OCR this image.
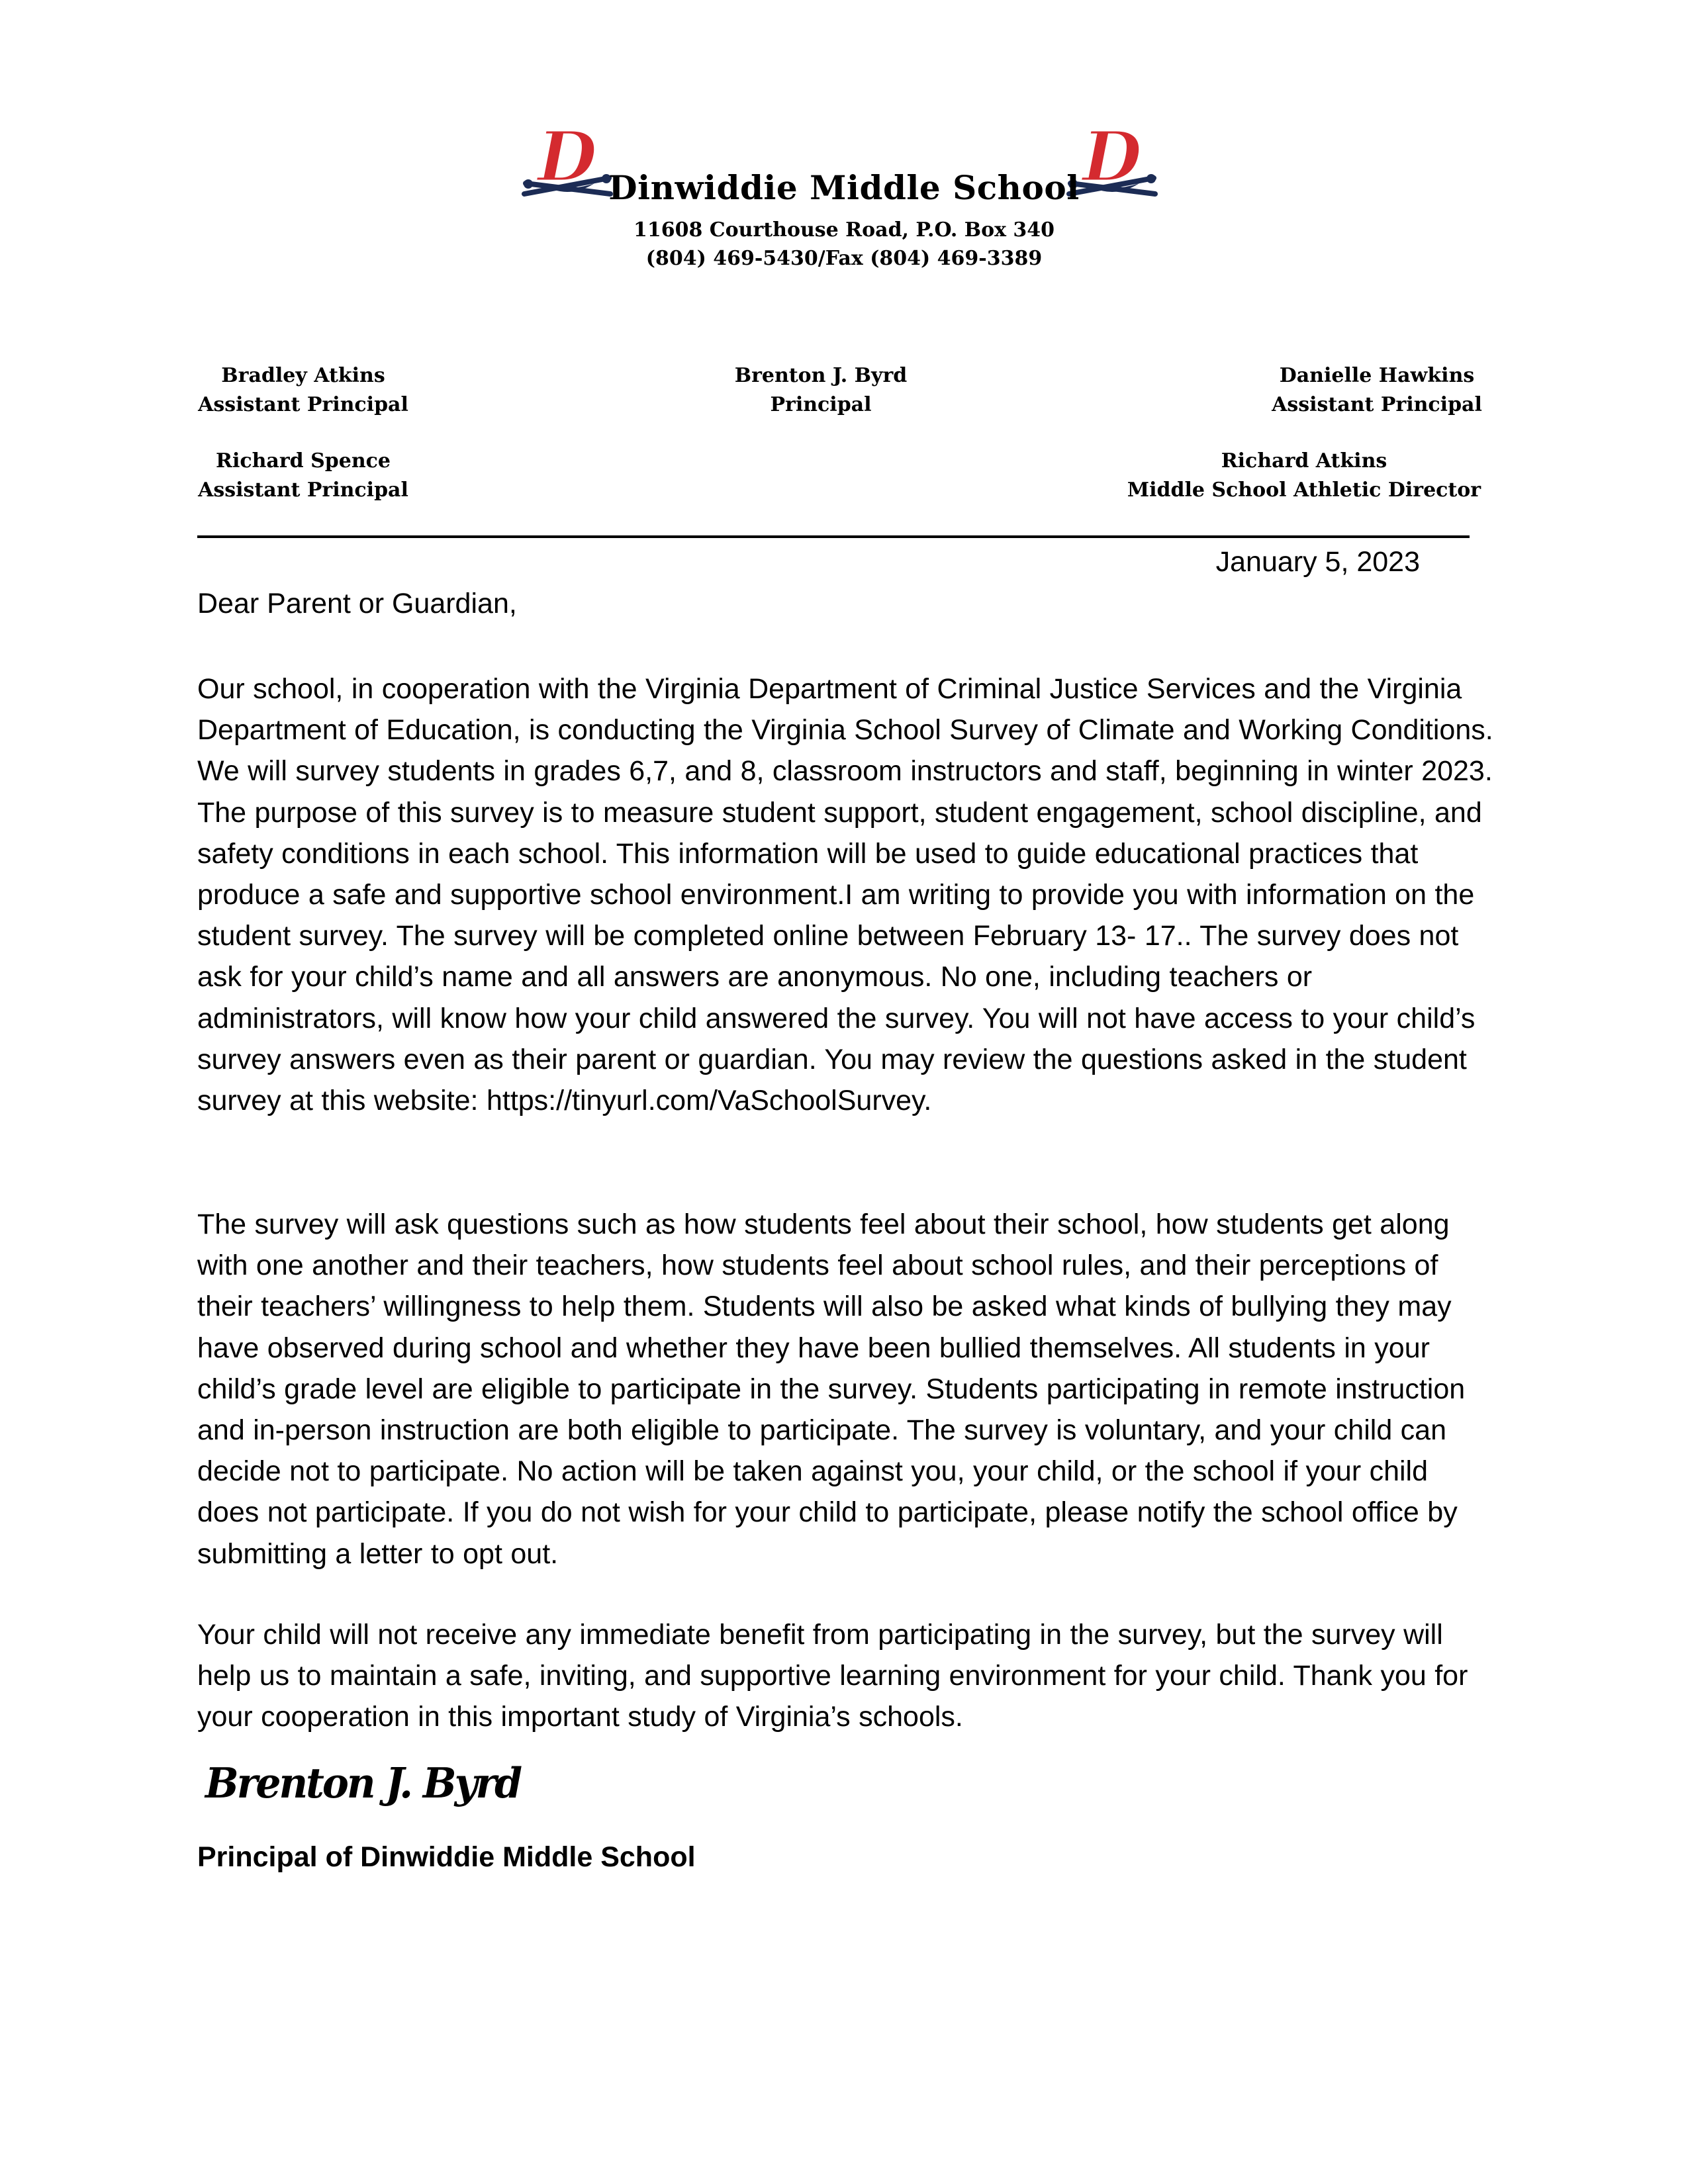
D	D
Dinwiddie Middle School
11608 Courthouse Road, P.O. Box 340
(804) 469-5430/Fax (804) 469-3389
Bradley Atkins
Assistant Principal
Brenton J. Byrd
Principal
Danielle Hawkins
Assistant Principal
Richard Spence
Assistant Principal
Richard Atkins
Middle School Athletic Director
January 5, 2023
Dear Parent or Guardian,

Our school, in cooperation with the Virginia Department of Criminal Justice Services and the Virginia Department of Education, is conducting the Virginia School Survey of Climate and Working Conditions. We will survey students in grades 6,7, and 8, classroom instructors and staff, beginning in winter 2023. The purpose of this survey is to measure student support, student engagement, school discipline, and safety conditions in each school. This information will be used to guide educational practices that produce a safe and supportive school environment.I am writing to provide you with information on the student survey. The survey will be completed online between February 13- 17.. The survey does not ask for your child’s name and all answers are anonymous. No one, including teachers or administrators, will know how your child answered the survey. You will not have access to your child’s survey answers even as their parent or guardian. You may review the questions asked in the student survey at this website: https://tinyurl.com/VaSchoolSurvey.

The survey will ask questions such as how students feel about their school, how students get along with one another and their teachers, how students feel about school rules, and their perceptions of their teachers’ willingness to help them. Students will also be asked what kinds of bullying they may have observed during school and whether they have been bullied themselves. All students in your child’s grade level are eligible to participate in the survey. Students participating in remote instruction and in-person instruction are both eligible to participate. The survey is voluntary, and your child can decide not to participate. No action will be taken against you, your child, or the school if your child does not participate. If you do not wish for your child to participate, please notify the school office by submitting a letter to opt out.

Your child will not receive any immediate benefit from participating in the survey, but the survey will help us to maintain a safe, inviting, and supportive learning environment for your child. Thank you for your cooperation in this important study of Virginia’s schools.

Brenton J. Byrd
Principal of Dinwiddie Middle School
